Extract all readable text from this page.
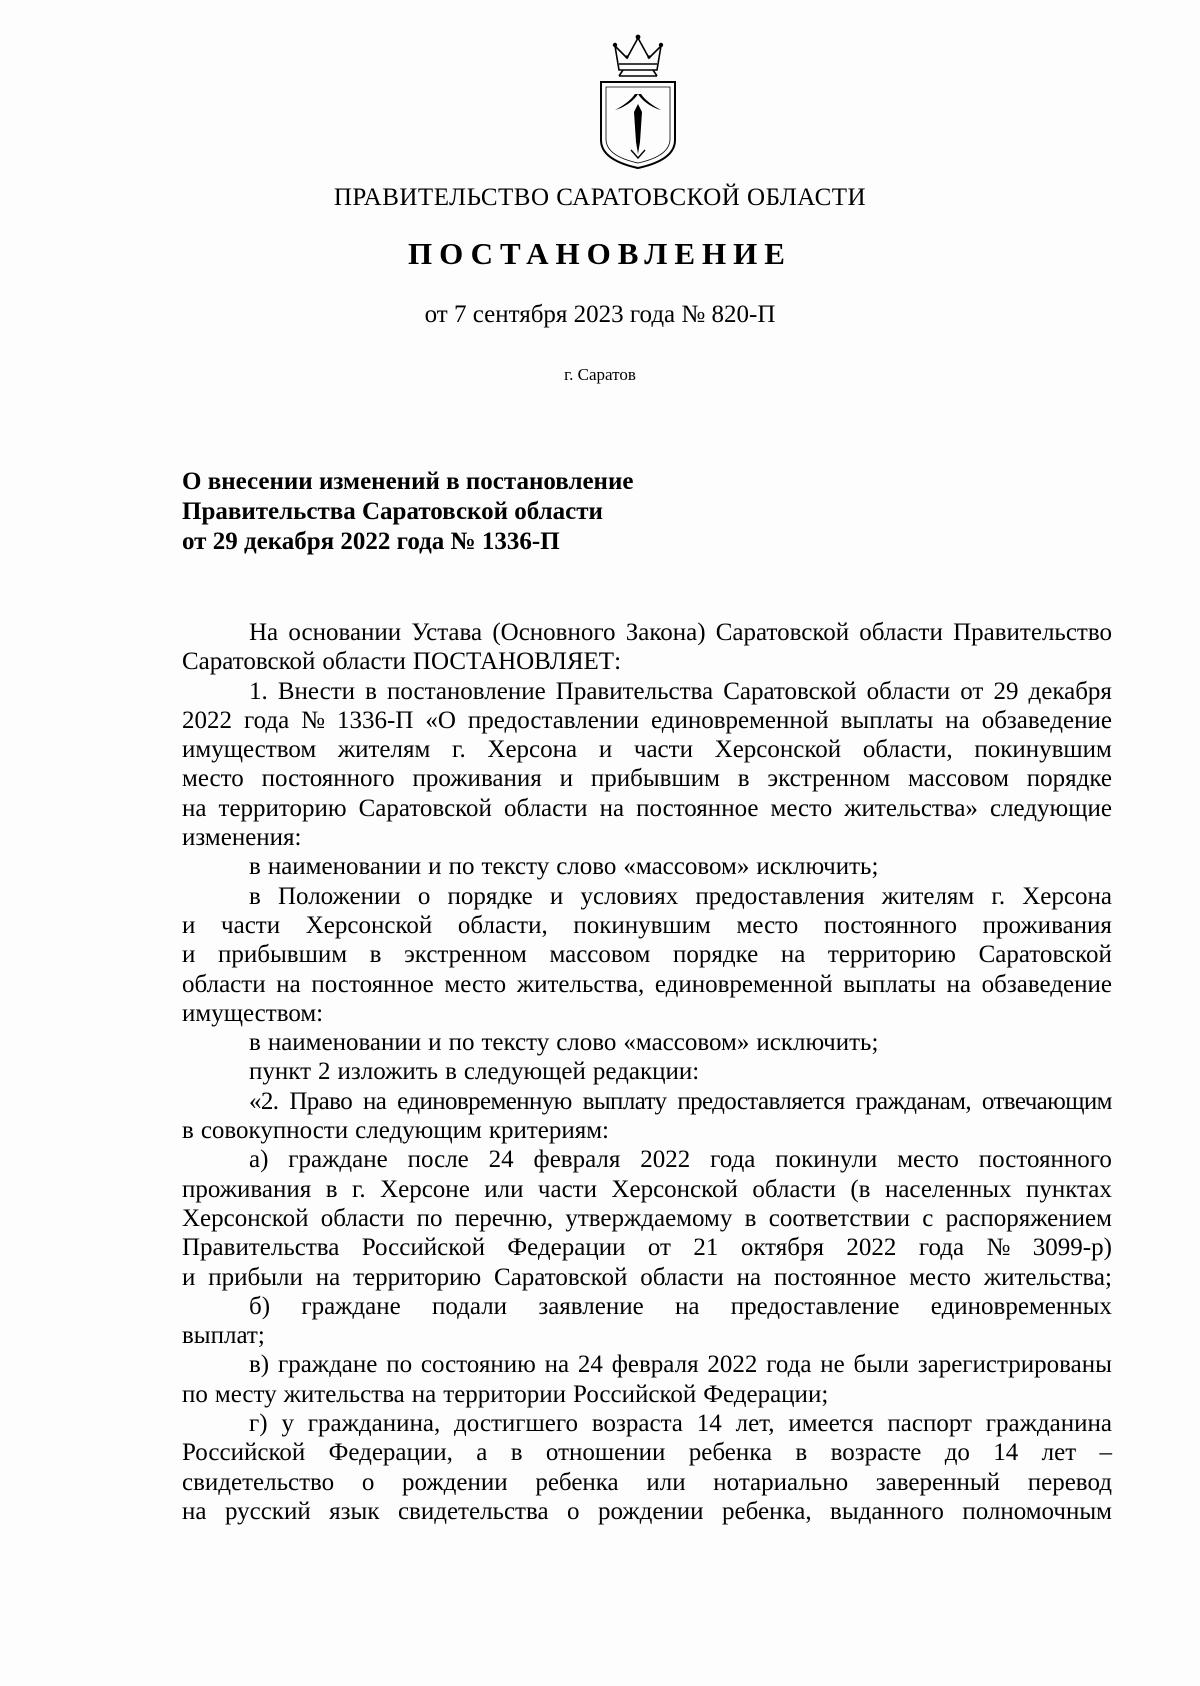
ПРАВИТЕЛЬСТВО САРАТОВСКОЙ ОБЛАСТИ
ПОСТАНОВЛЕНИЕ
от 7 сентября 2023 года № 820-П
г. Саратов
О внесении изменений в постановление
Правительства Саратовской области
от 29 декабря 2022 года № 1336-П
На основании Устава (Основного Закона) Саратовской области Правительство
Саратовской области ПОСТАНОВЛЯЕТ:
1. Внести в постановление Правительства Саратовской области от 29 декабря
2022 года № 1336-П «О предоставлении единовременной выплаты на обзаведение
имуществом жителям г. Херсона и части Херсонской области, покинувшим
место постоянного проживания и прибывшим в экстренном массовом порядке
на территорию Саратовской области на постоянное место жительства» следующие
изменения:
в наименовании и по тексту слово «массовом» исключить;
в Положении о порядке и условиях предоставления жителям г. Херсона
и части Херсонской области, покинувшим место постоянного проживания
и прибывшим в экстренном массовом порядке на территорию Саратовской
области на постоянное место жительства, единовременной выплаты на обзаведение
имуществом:
в наименовании и по тексту слово «массовом» исключить;
пункт 2 изложить в следующей редакции:
«2. Право на единовременную выплату предоставляется гражданам, отвечающим
в совокупности следующим критериям:
а) граждане после 24 февраля 2022 года покинули место постоянного
проживания в г. Херсоне или части Херсонской области (в населенных пунктах
Херсонской области по перечню, утверждаемому в соответствии с распоряжением
Правительства Российской Федерации от 21 октября 2022 года № 3099-р)
и прибыли на территорию Саратовской области на постоянное место жительства;
б) граждане подали заявление на предоставление единовременных
выплат;
в) граждане по состоянию на 24 февраля 2022 года не были зарегистрированы
по месту жительства на территории Российской Федерации;
г) у гражданина, достигшего возраста 14 лет, имеется паспорт гражданина
Российской Федерации, а в отношении ребенка в возрасте до 14 лет –
свидетельство о рождении ребенка или нотариально заверенный перевод
на русский язык свидетельства о рождении ребенка, выданного полномочным
